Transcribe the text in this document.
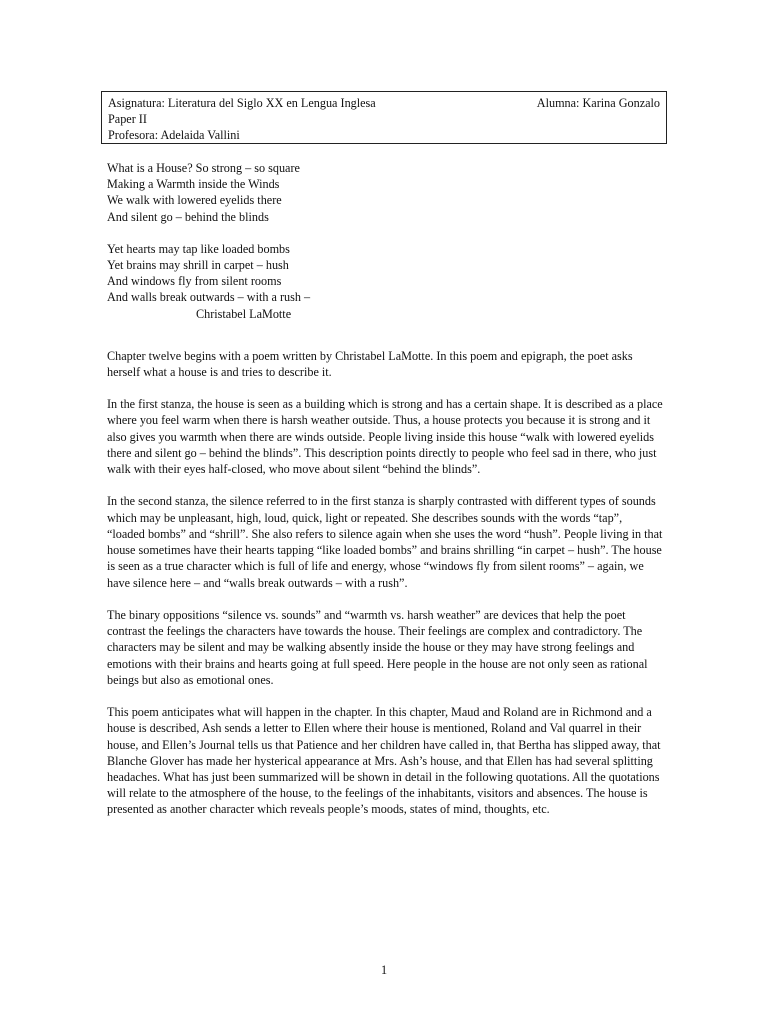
Asignatura: Literatura del Siglo XX en Lengua Inglesa	Alumna: Karina Gonzalo
Paper II
Profesora: Adelaida Vallini
What is a House? So strong – so square
Making a Warmth inside the Winds
We walk with lowered eyelids there
And silent go – behind the blinds
Yet hearts may tap like loaded bombs
Yet brains may shrill in carpet – hush
And windows fly from silent rooms
And walls break outwards – with a rush –
Christabel LaMotte

Chapter twelve begins with a poem written by Christabel LaMotte. In this poem and epigraph, the poet asks herself what a house is and tries to describe it.

In the first stanza, the house is seen as a building which is strong and has a certain shape. It is described as a place where you feel warm when there is harsh weather outside. Thus, a house protects you because it is strong and it also gives you warmth when there are winds outside. People living inside this house “walk with lowered eyelids there and silent go – behind the blinds”. This description points directly to people who feel sad in there, who just walk with their eyes half-closed, who move about silent “behind the blinds”.

In the second stanza, the silence referred to in the first stanza is sharply contrasted with different types of sounds which may be unpleasant, high, loud, quick, light or repeated. She describes sounds with the words “tap”, “loaded bombs” and “shrill”. She also refers to silence again when she uses the word “hush”. People living in that house sometimes have their hearts tapping “like loaded bombs” and brains shrilling “in carpet – hush”. The house is seen as a true character which is full of life and energy, whose “windows fly from silent rooms” – again, we have silence here – and “walls break outwards – with a rush”.

The binary oppositions “silence vs. sounds” and “warmth vs. harsh weather” are devices that help the poet contrast the feelings the characters have towards the house. Their feelings are complex and contradictory. The characters may be silent and may be walking absently inside the house or they may have strong feelings and emotions with their brains and hearts going at full speed. Here people in the house are not only seen as rational beings but also as emotional ones.

This poem anticipates what will happen in the chapter. In this chapter, Maud and Roland are in Richmond and a house is described, Ash sends a letter to Ellen where their house is mentioned, Roland and Val quarrel in their house, and Ellen’s Journal tells us that Patience and her children have called in, that Bertha has slipped away, that Blanche Glover has made her hysterical appearance at Mrs. Ash’s house, and that Ellen has had several splitting headaches. What has just been summarized will be shown in detail in the following quotations. All the quotations will relate to the atmosphere of the house, to the feelings of the inhabitants, visitors and absences. The house is presented as another character which reveals people’s moods, states of mind, thoughts, etc.

1
